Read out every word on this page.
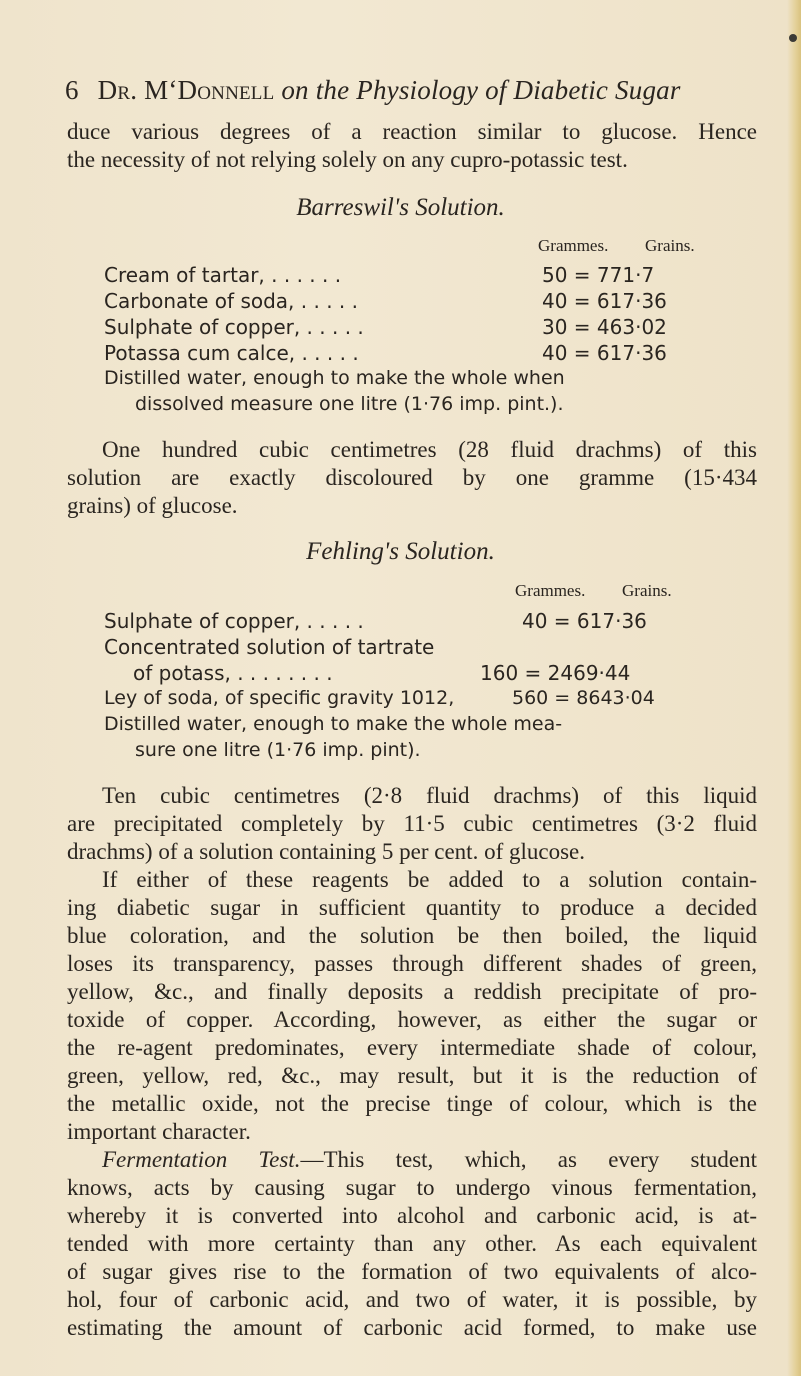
6 Dr. M‘Donnell on the Physiology of Diabetic Sugar
duce various degrees of a reaction similar to glucose. Hence
the necessity of not relying solely on any cupro-potassic test.
Barreswil's Solution.
Grammes. Grains.
Cream of tartar, . . . . . .	50 = 771·7
Carbonate of soda, . . . . .	40 = 617·36
Sulphate of copper, . . . . .	30 = 463·02
Potassa cum calce, . . . . .	40 = 617·36
Distilled water, enough to make the whole when
dissolved measure one litre (1·76 imp. pint.).
One hundred cubic centimetres (28 fluid drachms) of this
solution are exactly discoloured by one gramme (15·434
grains) of glucose.
Fehling's Solution.
Grammes. Grains.
Sulphate of copper, . . . . .	40 = 617·36
Concentrated solution of tartrate
of potass, . . . . . . . .	160 = 2469·44
Ley of soda, of specific gravity 1012,	560 = 8643·04
Distilled water, enough to make the whole mea-
sure one litre (1·76 imp. pint).
Ten cubic centimetres (2·8 fluid drachms) of this liquid
are precipitated completely by 11·5 cubic centimetres (3·2 fluid
drachms) of a solution containing 5 per cent. of glucose.
If either of these reagents be added to a solution contain-
ing diabetic sugar in sufficient quantity to produce a decided
blue coloration, and the solution be then boiled, the liquid
loses its transparency, passes through different shades of green,
yellow, &c., and finally deposits a reddish precipitate of pro-
toxide of copper. According, however, as either the sugar or
the re-agent predominates, every intermediate shade of colour,
green, yellow, red, &c., may result, but it is the reduction of
the metallic oxide, not the precise tinge of colour, which is the
important character.
Fermentation Test.—This test, which, as every student
knows, acts by causing sugar to undergo vinous fermentation,
whereby it is converted into alcohol and carbonic acid, is at-
tended with more certainty than any other. As each equivalent
of sugar gives rise to the formation of two equivalents of alco-
hol, four of carbonic acid, and two of water, it is possible, by
estimating the amount of carbonic acid formed, to make use
